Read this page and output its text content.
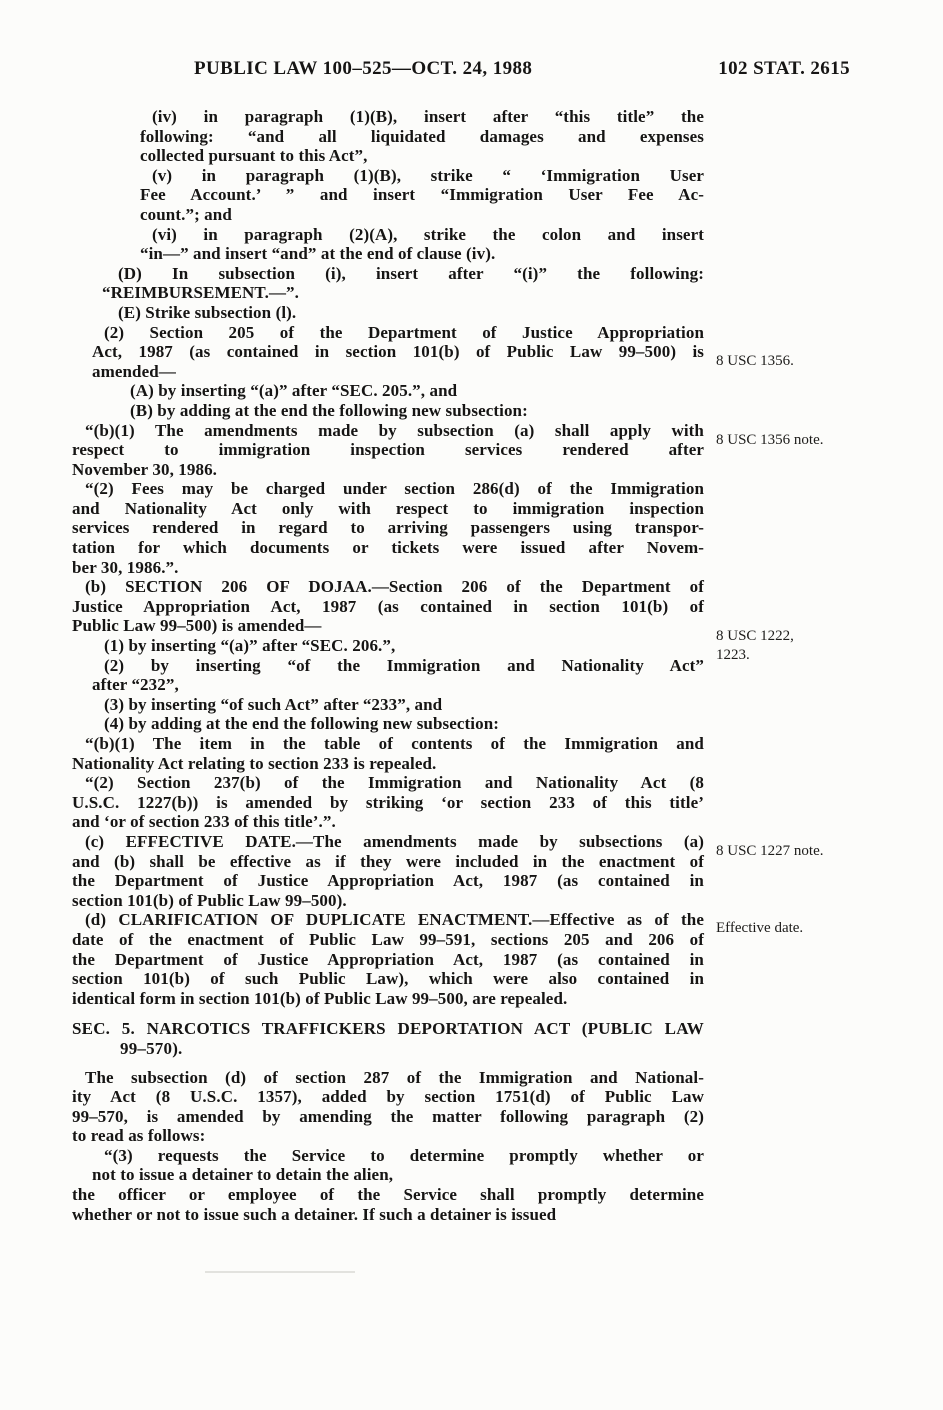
PUBLIC LAW 100–525—OCT. 24, 1988	102 STAT. 2615
(iv) in paragraph (1)(B), insert after “this title” the
following: “and all liquidated damages and expenses
collected pursuant to this Act”,
(v) in paragraph (1)(B), strike “ ‘Immigration User
Fee Account.’ ” and insert “Immigration User Fee Ac-
count.”; and
(vi) in paragraph (2)(A), strike the colon and insert
“in—” and insert “and” at the end of clause (iv).
(D) In subsection (i), insert after “(i)” the following:
“REIMBURSEMENT.—”.
(E) Strike subsection (l).
(2) Section 205 of the Department of Justice Appropriation
Act, 1987 (as contained in section 101(b) of Public Law 99–500) is
amended—
(A) by inserting “(a)” after “SEC. 205.”, and
(B) by adding at the end the following new subsection:
“(b)(1) The amendments made by subsection (a) shall apply with
respect to immigration inspection services rendered after
November 30, 1986.
“(2) Fees may be charged under section 286(d) of the Immigration
and Nationality Act only with respect to immigration inspection
services rendered in regard to arriving passengers using transpor-
tation for which documents or tickets were issued after Novem-
ber 30, 1986.”.
(b) SECTION 206 OF DOJAA.—Section 206 of the Department of
Justice Appropriation Act, 1987 (as contained in section 101(b) of
Public Law 99–500) is amended—
(1) by inserting “(a)” after “SEC. 206.”,
(2) by inserting “of the Immigration and Nationality Act”
after “232”,
(3) by inserting “of such Act” after “233”, and
(4) by adding at the end the following new subsection:
“(b)(1) The item in the table of contents of the Immigration and
Nationality Act relating to section 233 is repealed.
“(2) Section 237(b) of the Immigration and Nationality Act (8
U.S.C. 1227(b)) is amended by striking ‘or section 233 of this title’
and ‘or of section 233 of this title’.”.
(c) EFFECTIVE DATE.—The amendments made by subsections (a)
and (b) shall be effective as if they were included in the enactment of
the Department of Justice Appropriation Act, 1987 (as contained in
section 101(b) of Public Law 99–500).
(d) CLARIFICATION OF DUPLICATE ENACTMENT.—Effective as of the
date of the enactment of Public Law 99–591, sections 205 and 206 of
the Department of Justice Appropriation Act, 1987 (as contained in
section 101(b) of such Public Law), which were also contained in
identical form in section 101(b) of Public Law 99–500, are repealed.
SEC. 5. NARCOTICS TRAFFICKERS DEPORTATION ACT (PUBLIC LAW
99–570).
The subsection (d) of section 287 of the Immigration and National-
ity Act (8 U.S.C. 1357), added by section 1751(d) of Public Law
99–570, is amended by amending the matter following paragraph (2)
to read as follows:
“(3) requests the Service to determine promptly whether or
not to issue a detainer to detain the alien,
the officer or employee of the Service shall promptly determine
whether or not to issue such a detainer. If such a detainer is issued
8 USC 1356.
8 USC 1356 note.
8 USC 1222,
1223.
8 USC 1227 note.
Effective date.
